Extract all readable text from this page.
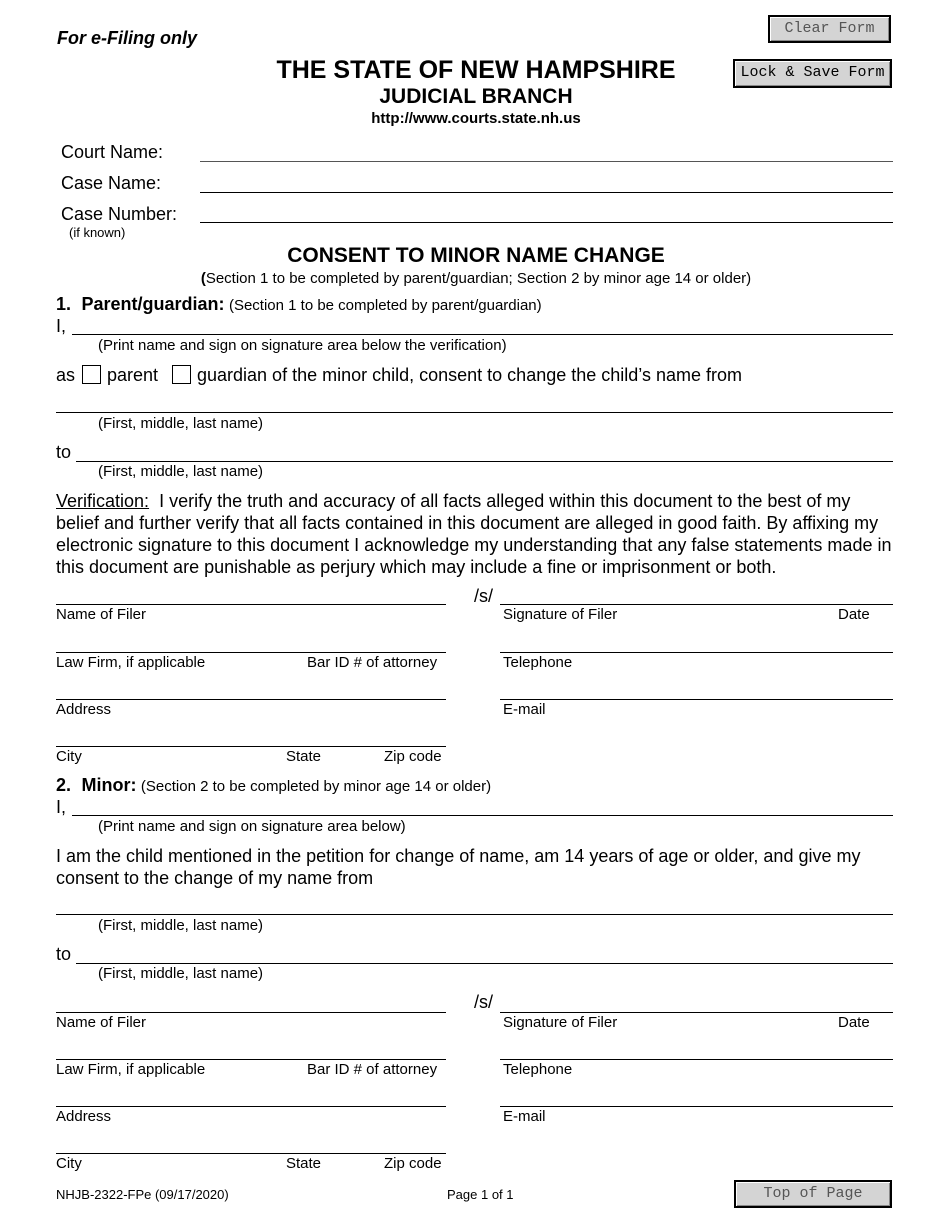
For e-Filing only	Clear Form
Lock & Save Form
THE STATE OF NEW HAMPSHIRE
JUDICIAL BRANCH
http://www.courts.state.nh.us
Court Name:
Case Name:
Case Number:
(if known)
CONSENT TO MINOR NAME CHANGE
(Section 1 to be completed by parent/guardian; Section 2 by minor age 14 or older)
1. Parent/guardian: (Section 1 to be completed by parent/guardian)
I,
(Print name and sign on signature area below the verification)
as parent guardian of the minor child, consent to change the child’s name from
(First, middle, last name)
to
(First, middle, last name)
Verification: I verify the truth and accuracy of all facts alleged within this document to the best of my belief and further verify that all facts contained in this document are alleged in good faith. By affixing my electronic signature to this document I acknowledge my understanding that any false statements made in this document are punishable as perjury which may include a fine or imprisonment or both.
/s/
Name of Filer	Signature of Filer	Date
Law Firm, if applicable	Bar ID # of attorney	Telephone
Address	E-mail
City	State	Zip code
2. Minor: (Section 2 to be completed by minor age 14 or older)
I,
(Print name and sign on signature area below)
I am the child mentioned in the petition for change of name, am 14 years of age or older, and give my consent to the change of my name from
(First, middle, last name)
to
(First, middle, last name)
/s/
Name of Filer	Signature of Filer	Date
Law Firm, if applicable	Bar ID # of attorney	Telephone
Address	E-mail
City	State	Zip code
NHJB-2322-FPe (09/17/2020)	Page 1 of 1	Top of Page
